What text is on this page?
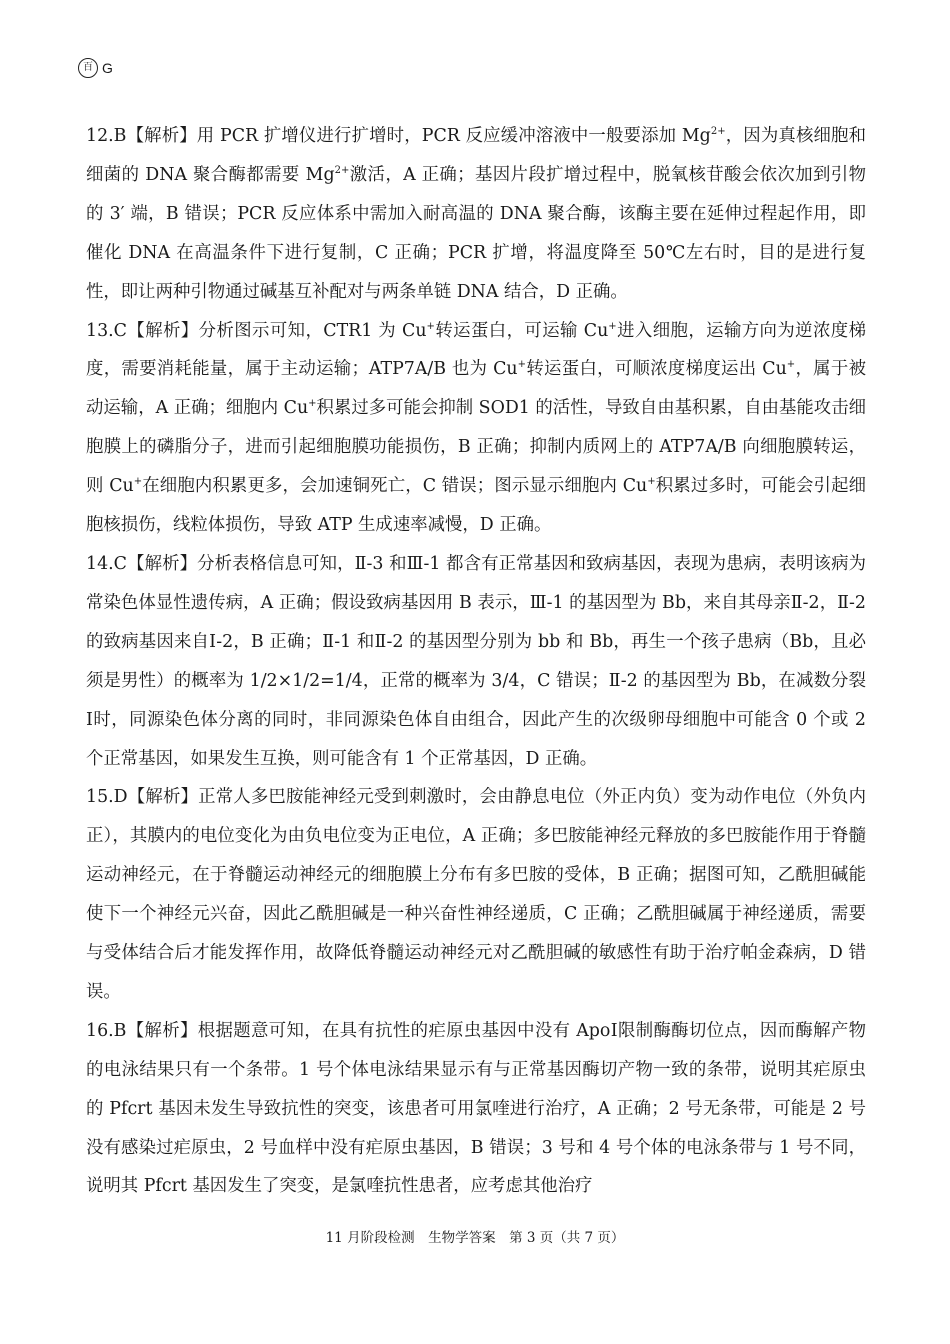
百 G

12.B【解析】用 PCR 扩增仪进行扩增时，PCR 反应缓冲溶液中一般要添加 $Mg^{2+}$，因为真核细胞和细菌的 DNA 聚合酶都需要 $Mg^{2+}$激活，A 正确；基因片段扩增过程中，脱氧核苷酸会依次加到引物的 3′ 端，B 错误；PCR 反应体系中需加入耐高温的 DNA 聚合酶，该酶主要在延伸过程起作用，即催化 DNA 在高温条件下进行复制，C 正确；PCR 扩增，将温度降至 50℃左右时，目的是进行复性，即让两种引物通过碱基互补配对与两条单链 DNA 结合，D 正确。

13.C【解析】分析图示可知，CTR1 为 Cu+转运蛋白，可运输 Cu+进入细胞，运输方向为逆浓度梯度，需要消耗能量，属于主动运输；ATP7A/B 也为 Cu+转运蛋白，可顺浓度梯度运出 Cu+，属于被动运输，A 正确；细胞内 Cu+积累过多可能会抑制 SOD1 的活性，导致自由基积累，自由基能攻击细胞膜上的磷脂分子，进而引起细胞膜功能损伤，B 正确；抑制内质网上的 ATP7A/B 向细胞膜转运，则 Cu+在细胞内积累更多，会加速铜死亡，C 错误；图示显示细胞内 Cu+积累过多时，可能会引起细胞核损伤，线粒体损伤，导致 ATP 生成速率减慢，D 正确。

14.C【解析】分析表格信息可知，Ⅱ-3 和Ⅲ-1 都含有正常基因和致病基因，表现为患病，表明该病为常染色体显性遗传病，A 正确；假设致病基因用 B 表示，Ⅲ-1 的基因型为 Bb，来自其母亲Ⅱ-2，Ⅱ-2 的致病基因来自Ⅰ-2，B 正确；Ⅱ-1 和Ⅱ-2 的基因型分别为 bb 和 Bb，再生一个孩子患病（Bb，且必须是男性）的概率为 1/2×1/2=1/4，正常的概率为 3/4，C 错误；Ⅱ-2 的基因型为 Bb，在减数分裂Ⅰ时，同源染色体分离的同时，非同源染色体自由组合，因此产生的次级卵母细胞中可能含 0 个或 2 个正常基因，如果发生互换，则可能含有 1 个正常基因，D 正确。

15.D【解析】正常人多巴胺能神经元受到刺激时，会由静息电位（外正内负）变为动作电位（外负内正），其膜内的电位变化为由负电位变为正电位，A 正确；多巴胺能神经元释放的多巴胺能作用于脊髓运动神经元，在于脊髓运动神经元的细胞膜上分布有多巴胺的受体，B 正确；据图可知，乙酰胆碱能使下一个神经元兴奋，因此乙酰胆碱是一种兴奋性神经递质，C 正确；乙酰胆碱属于神经递质，需要与受体结合后才能发挥作用，故降低脊髓运动神经元对乙酰胆碱的敏感性有助于治疗帕金森病，D 错误。

16.B【解析】根据题意可知，在具有抗性的疟原虫基因中没有 ApoⅠ限制酶酶切位点，因而酶解产物的电泳结果只有一个条带。1 号个体电泳结果显示有与正常基因酶切产物一致的条带，说明其疟原虫的 Pfcrt 基因未发生导致抗性的突变，该患者可用氯喹进行治疗，A 正确；2 号无条带，可能是 2 号没有感染过疟原虫，2 号血样中没有疟原虫基因，B 错误；3 号和 4 号个体的电泳条带与 1 号不同，说明其 Pfcrt 基因发生了突变，是氯喹抗性患者，应考虑其他治疗

11 月阶段检测　生物学答案　第 3 页（共 7 页）
